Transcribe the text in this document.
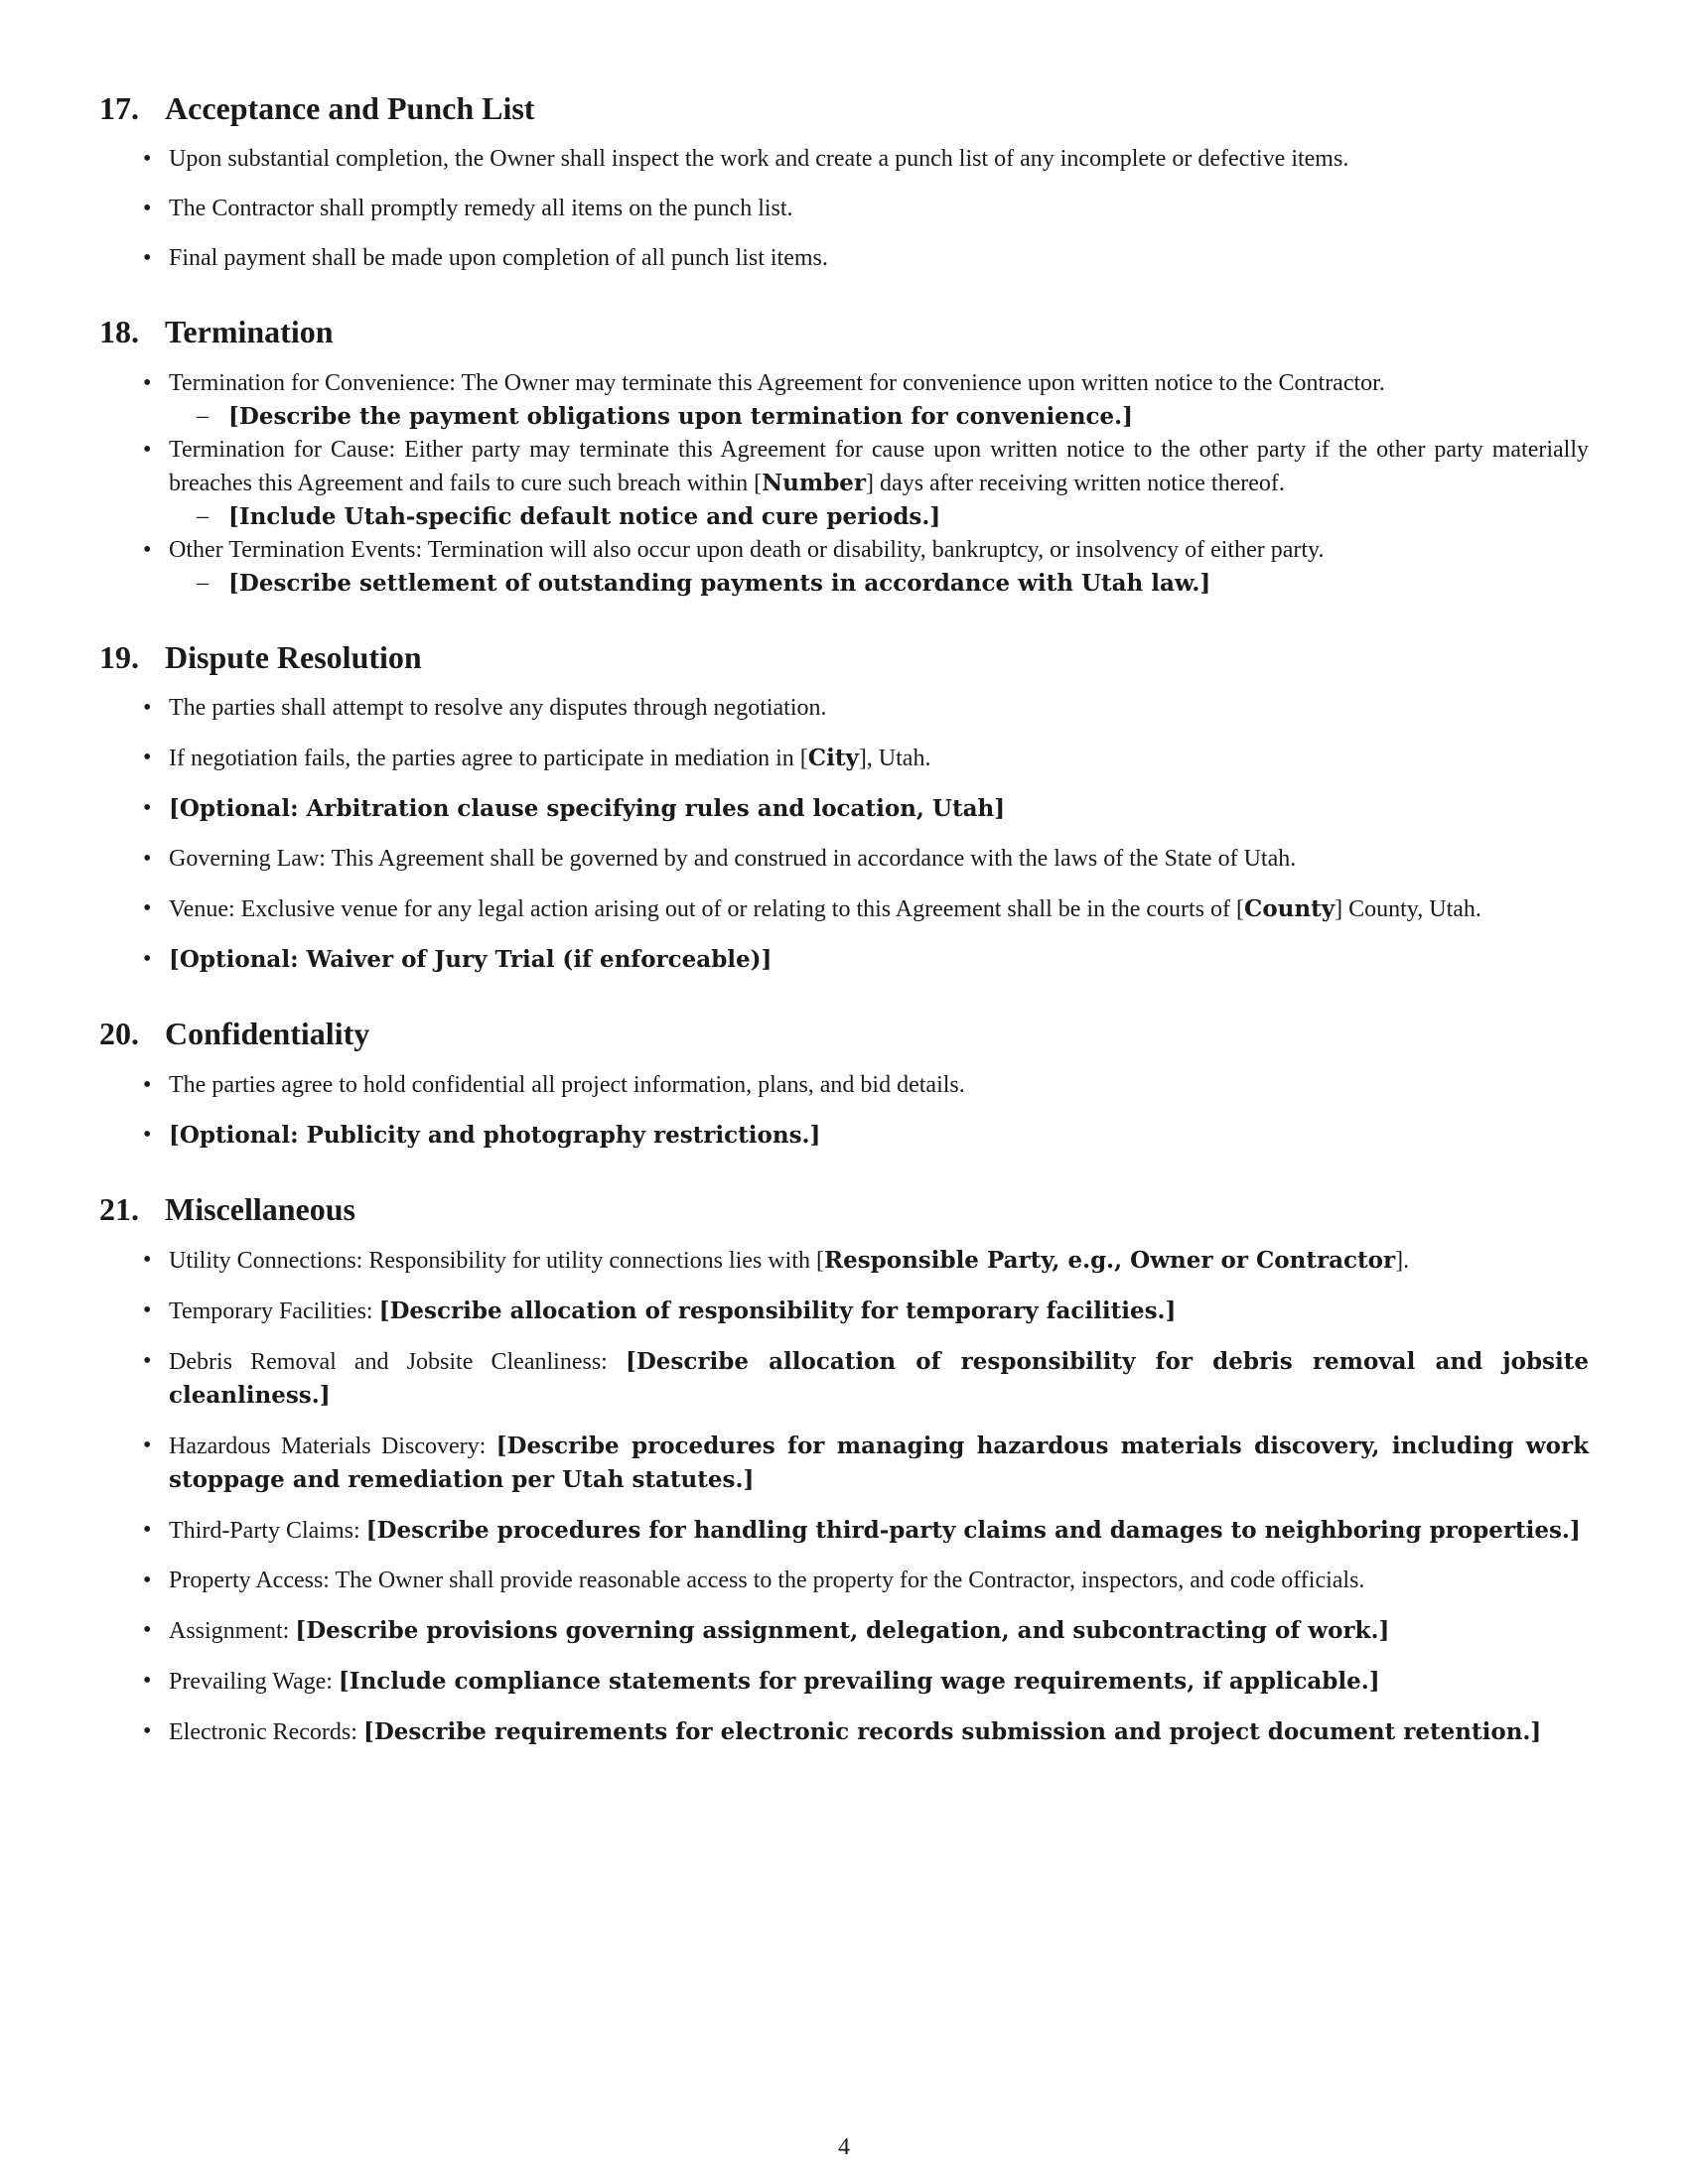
17. Acceptance and Punch List
• Upon substantial completion, the Owner shall inspect the work and create a punch list of any incomplete or defective items.
• The Contractor shall promptly remedy all items on the punch list.
• Final payment shall be made upon completion of all punch list items.
18. Termination
• Termination for Convenience: The Owner may terminate this Agreement for convenience upon written notice to the Contractor.
– [Describe the payment obligations upon termination for convenience.]
• Termination for Cause: Either party may terminate this Agreement for cause upon written notice to the other party if the other party materially breaches this Agreement and fails to cure such breach within [Number] days after receiving written notice thereof.
– [Include Utah-specific default notice and cure periods.]
• Other Termination Events: Termination will also occur upon death or disability, bankruptcy, or insolvency of either party.
– [Describe settlement of outstanding payments in accordance with Utah law.]
19. Dispute Resolution
• The parties shall attempt to resolve any disputes through negotiation.
• If negotiation fails, the parties agree to participate in mediation in [City], Utah.
• [Optional: Arbitration clause specifying rules and location, Utah]
• Governing Law: This Agreement shall be governed by and construed in accordance with the laws of the State of Utah.
• Venue: Exclusive venue for any legal action arising out of or relating to this Agreement shall be in the courts of [County] County, Utah.
• [Optional: Waiver of Jury Trial (if enforceable)]
20. Confidentiality
• The parties agree to hold confidential all project information, plans, and bid details.
• [Optional: Publicity and photography restrictions.]
21. Miscellaneous
• Utility Connections: Responsibility for utility connections lies with [Responsible Party, e.g., Owner or Contractor].
• Temporary Facilities: [Describe allocation of responsibility for temporary facilities.]
• Debris Removal and Jobsite Cleanliness: [Describe allocation of responsibility for debris removal and jobsite cleanliness.]
• Hazardous Materials Discovery: [Describe procedures for managing hazardous materials discovery, including work stoppage and remediation per Utah statutes.]
• Third-Party Claims: [Describe procedures for handling third-party claims and damages to neighboring properties.]
• Property Access: The Owner shall provide reasonable access to the property for the Contractor, inspectors, and code officials.
• Assignment: [Describe provisions governing assignment, delegation, and subcontracting of work.]
• Prevailing Wage: [Include compliance statements for prevailing wage requirements, if applicable.]
• Electronic Records: [Describe requirements for electronic records submission and project document retention.]
4
